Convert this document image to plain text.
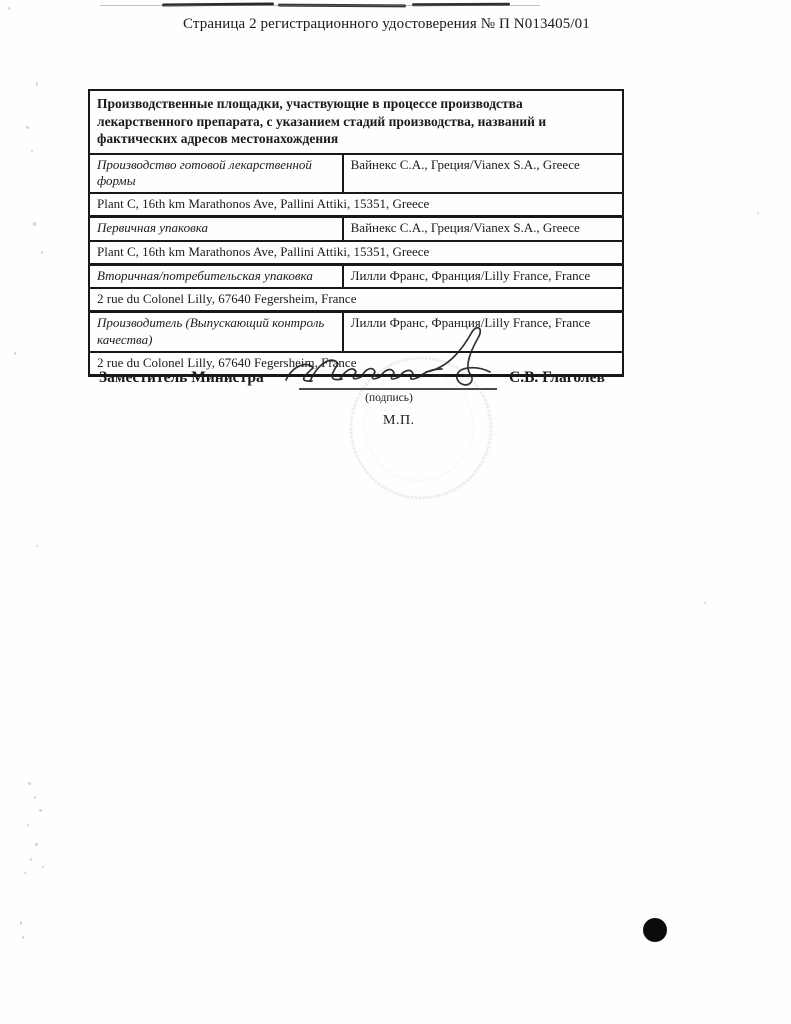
Страница 2 регистрационного удостоверения № П N013405/01
Производственные площадки, участвующие в процессе производства лекарственного препарата, с указанием стадий производства, названий и фактических адресов местонахождения	
Производство готовой лекарственной формы	Вайнекс С.А., Греция/Vianex S.A., Greece
Plant C, 16th km Marathonos Ave, Pallini Attiki, 15351, Greece	
Первичная упаковка	Вайнекс С.А., Греция/Vianex S.A., Greece
Plant C, 16th km Marathonos Ave, Pallini Attiki, 15351, Greece	
Вторичная/потребительская упаковка	Лилли Франс, Франция/Lilly France, France
2 rue du Colonel Lilly, 67640 Fegersheim, France	
Производитель (Выпускающий контроль качества)	Лилли Франс, Франция/Lilly France, France
2 rue du Colonel Lilly, 67640 Fegersheim, France	
Заместитель Министра
(подпись)
С.В. Глаголев
М.П.
